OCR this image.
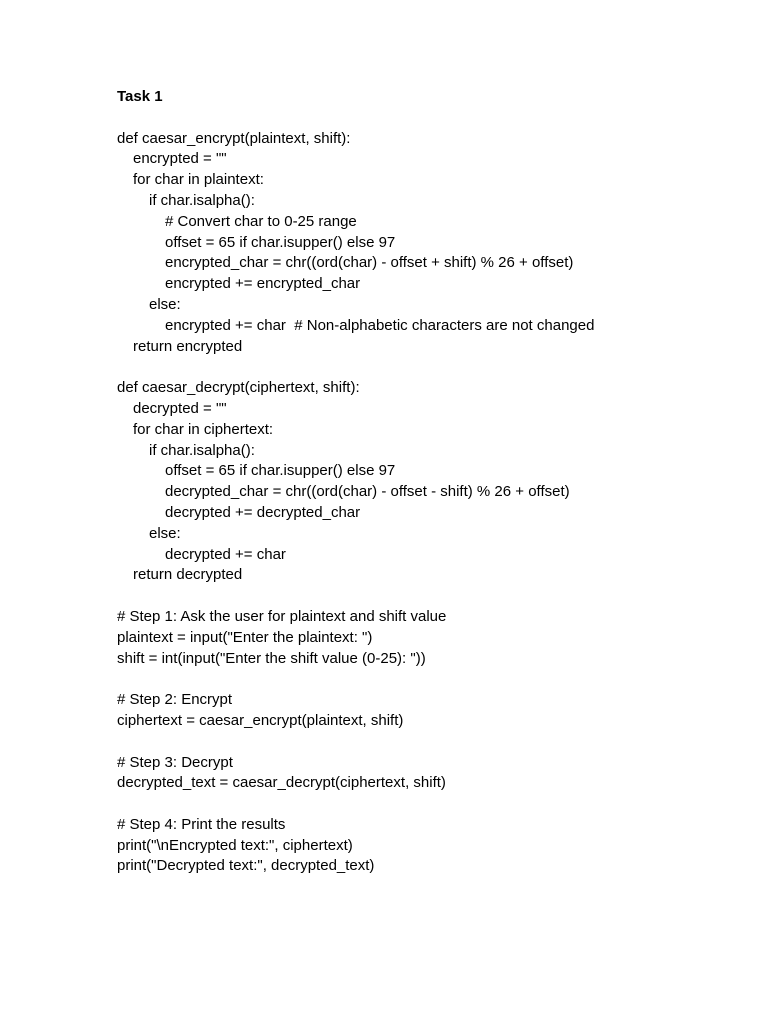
Task 1
def caesar_encrypt(plaintext, shift):
encrypted = ""
for char in plaintext:
if char.isalpha():
# Convert char to 0-25 range
offset = 65 if char.isupper() else 97
encrypted_char = chr((ord(char) - offset + shift) % 26 + offset)
encrypted += encrypted_char
else:
encrypted += char  # Non-alphabetic characters are not changed
return encrypted
def caesar_decrypt(ciphertext, shift):
decrypted = ""
for char in ciphertext:
if char.isalpha():
offset = 65 if char.isupper() else 97
decrypted_char = chr((ord(char) - offset - shift) % 26 + offset)
decrypted += decrypted_char
else:
decrypted += char
return decrypted
# Step 1: Ask the user for plaintext and shift value
plaintext = input("Enter the plaintext: ")
shift = int(input("Enter the shift value (0-25): "))
# Step 2: Encrypt
ciphertext = caesar_encrypt(plaintext, shift)
# Step 3: Decrypt
decrypted_text = caesar_decrypt(ciphertext, shift)
# Step 4: Print the results
print("\nEncrypted text:", ciphertext)
print("Decrypted text:", decrypted_text)
